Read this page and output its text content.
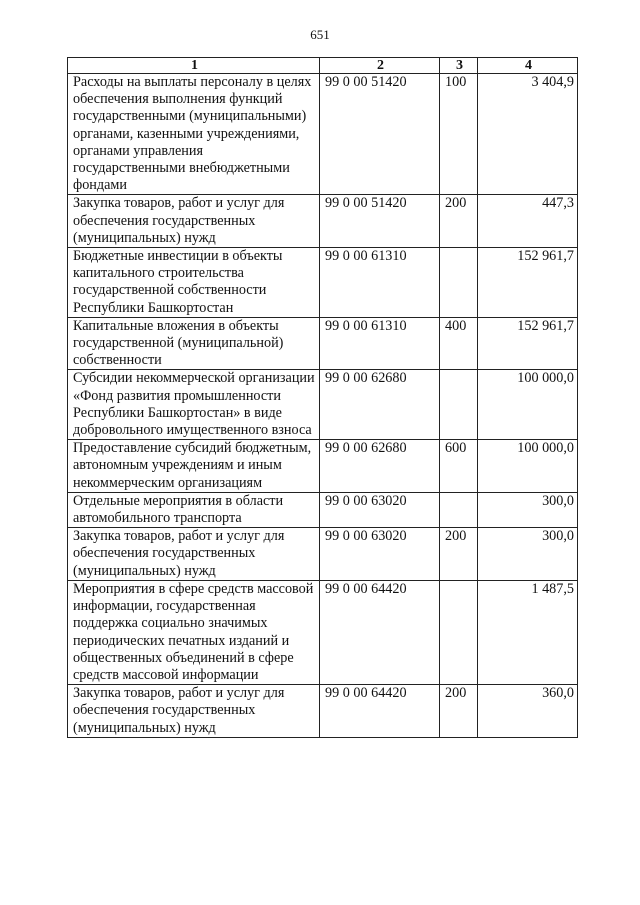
651
1	2	3	4
Расходы на выплаты персоналу в целях обеспечения выполнения функций государственными (муниципальными) органами, казенными учреждениями, органами управления государственными внебюджетными фондами	99 0 00 51420	100	3 404,9
Закупка товаров, работ и услуг для обеспечения государственных (муниципальных) нужд	99 0 00 51420	200	447,3
Бюджетные инвестиции в объекты капитального строительства государственной собственности Республики Башкортостан	99 0 00 61310		152 961,7
Капитальные вложения в объекты государственной (муниципальной) собственности	99 0 00 61310	400	152 961,7
Субсидии некоммерческой организации «Фонд развития промышленности Республики Башкортостан» в виде добровольного имущественного взноса	99 0 00 62680		100 000,0
Предоставление субсидий бюджетным, автономным учреждениям и иным некоммерческим организациям	99 0 00 62680	600	100 000,0
Отдельные мероприятия в области автомобильного транспорта	99 0 00 63020		300,0
Закупка товаров, работ и услуг для обеспечения государственных (муниципальных) нужд	99 0 00 63020	200	300,0
Мероприятия в сфере средств массовой информации, государственная поддержка социально значимых периодических печатных изданий и общественных объединений в сфере средств массовой информации	99 0 00 64420		1 487,5
Закупка товаров, работ и услуг для обеспечения государственных (муниципальных) нужд	99 0 00 64420	200	360,0
